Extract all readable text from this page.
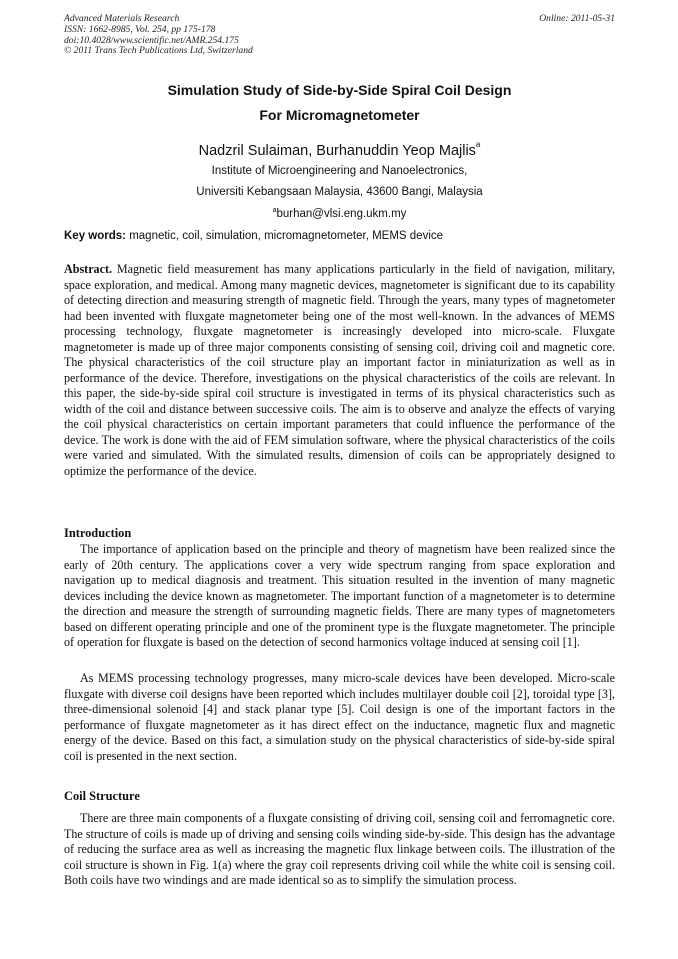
Advanced Materials Research
ISSN: 1662-8985, Vol. 254, pp 175-178
doi:10.4028/www.scientific.net/AMR.254.175
© 2011 Trans Tech Publications Ltd, Switzerland
Online: 2011-05-31
Simulation Study of Side-by-Side Spiral Coil Design
For Micromagnetometer
Nadzril Sulaiman, Burhanuddin Yeop Majlis$^a$
Institute of Microengineering and Nanoelectronics,
Universiti Kebangsaan Malaysia, 43600 Bangi, Malaysia
$^a$burhan@vlsi.eng.ukm.my
Key words: magnetic, coil, simulation, micromagnetometer, MEMS device

Abstract. Magnetic field measurement has many applications particularly in the field of navigation, military, space exploration, and medical. Among many magnetic devices, magnetometer is significant due to its capability of detecting direction and measuring strength of magnetic field. Through the years, many types of magnetometer had been invented with fluxgate magnetometer being one of the most well-known. In the advances of MEMS processing technology, fluxgate magnetometer is increasingly developed into micro-scale. Fluxgate magnetometer is made up of three major components consisting of sensing coil, driving coil and magnetic core. The physical characteristics of the coil structure play an important factor in miniaturization as well as in performance of the device. Therefore, investigations on the physical characteristics of the coils are relevant. In this paper, the side-by-side spiral coil structure is investigated in terms of its physical characteristics such as width of the coil and distance between successive coils. The aim is to observe and analyze the effects of varying the coil physical characteristics on certain important parameters that could influence the performance of the device. The work is done with the aid of FEM simulation software, where the physical characteristics of the coils were varied and simulated. With the simulated results, dimension of coils can be appropriately designed to optimize the performance of the device.

Introduction

The importance of application based on the principle and theory of magnetism have been realized since the early of 20th century. The applications cover a very wide spectrum ranging from space exploration and navigation up to medical diagnosis and treatment. This situation resulted in the invention of many magnetic devices including the device known as magnetometer. The important function of a magnetometer is to determine the direction and measure the strength of surrounding magnetic fields. There are many types of magnetometers based on different operating principle and one of the prominent type is the fluxgate magnetometer. The principle of operation for fluxgate is based on the detection of second harmonics voltage induced at sensing coil [1].

As MEMS processing technology progresses, many micro-scale devices have been developed. Micro-scale fluxgate with diverse coil designs have been reported which includes multilayer double coil [2], toroidal type [3], three-dimensional solenoid [4] and stack planar type [5]. Coil design is one of the important factors in the performance of fluxgate magnetometer as it has direct effect on the inductance, magnetic flux and magnetic energy of the device. Based on this fact, a simulation study on the physical characteristics of side-by-side spiral coil is presented in the next section.

Coil Structure

There are three main components of a fluxgate consisting of driving coil, sensing coil and ferromagnetic core. The structure of coils is made up of driving and sensing coils winding side-by-side. This design has the advantage of reducing the surface area as well as increasing the magnetic flux linkage between coils. The illustration of the coil structure is shown in Fig. 1(a) where the gray coil represents driving coil while the white coil is sensing coil. Both coils have two windings and are made identical so as to simplify the simulation process.
